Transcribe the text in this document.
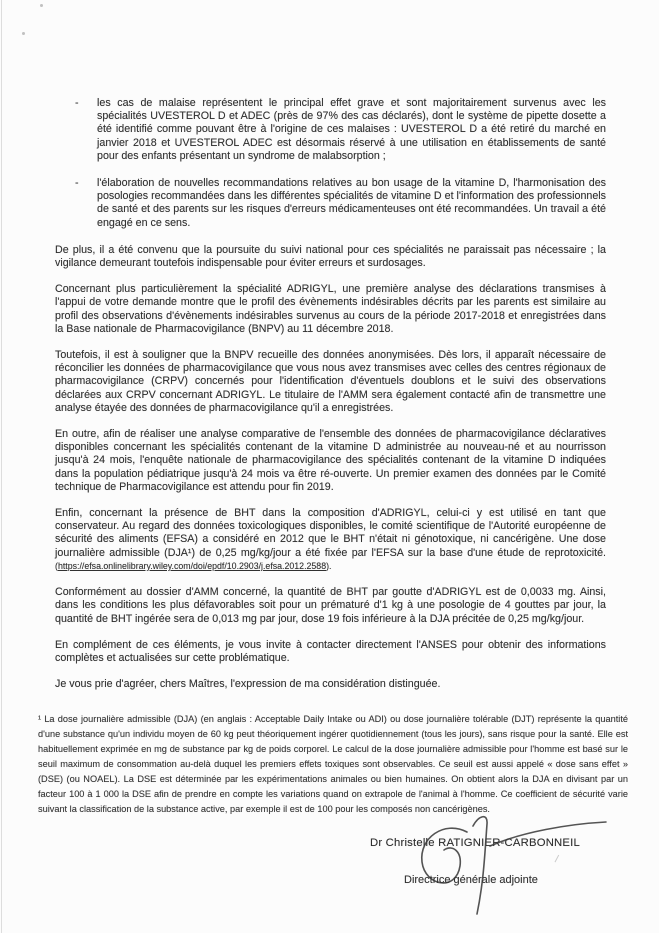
-	les cas de malaise représentent le principal effet grave et sont majoritairement survenus avec les spécialités UVESTEROL D et ADEC (près de 97% des cas déclarés), dont le système de pipette dosette a été identifié comme pouvant être à l'origine de ces malaises : UVESTEROL D a été retiré du marché en janvier 2018 et UVESTEROL ADEC est désormais réservé à une utilisation en établissements de santé pour des enfants présentant un syndrome de malabsorption ;
-	l'élaboration de nouvelles recommandations relatives au bon usage de la vitamine D, l'harmonisation des posologies recommandées dans les différentes spécialités de vitamine D et l'information des professionnels de santé et des parents sur les risques d'erreurs médicamenteuses ont été recommandées. Un travail a été engagé en ce sens.

De plus, il a été convenu que la poursuite du suivi national pour ces spécialités ne paraissait pas nécessaire ; la vigilance demeurant toutefois indispensable pour éviter erreurs et surdosages.

Concernant plus particulièrement la spécialité ADRIGYL, une première analyse des déclarations transmises à l'appui de votre demande montre que le profil des évènements indésirables décrits par les parents est similaire au profil des observations d'évènements indésirables survenus au cours de la période 2017-2018 et enregistrées dans la Base nationale de Pharmacovigilance (BNPV) au 11 décembre 2018.

Toutefois, il est à souligner que la BNPV recueille des données anonymisées. Dès lors, il apparaît nécessaire de réconcilier les données de pharmacovigilance que vous nous avez transmises avec celles des centres régionaux de pharmacovigilance (CRPV) concernés pour l'identification d'éventuels doublons et le suivi des observations déclarées aux CRPV concernant ADRIGYL. Le titulaire de l'AMM sera également contacté afin de transmettre une analyse étayée des données de pharmacovigilance qu'il a enregistrées.

En outre, afin de réaliser une analyse comparative de l'ensemble des données de pharmacovigilance déclaratives disponibles concernant les spécialités contenant de la vitamine D administrée au nouveau-né et au nourrisson jusqu'à 24 mois, l'enquête nationale de pharmacovigilance des spécialités contenant de la vitamine D indiquées dans la population pédiatrique jusqu'à 24 mois va être ré-ouverte. Un premier examen des données par le Comité technique de Pharmacovigilance est attendu pour fin 2019.

Enfin, concernant la présence de BHT dans la composition d'ADRIGYL, celui-ci y est utilisé en tant que conservateur. Au regard des données toxicologiques disponibles, le comité scientifique de l'Autorité européenne de sécurité des aliments (EFSA) a considéré en 2012 que le BHT n'était ni génotoxique, ni cancérigène. Une dose journalière admissible (DJA¹) de 0,25 mg/kg/jour a été fixée par l'EFSA sur la base d'une étude de reprotoxicité. (https://efsa.onlinelibrary.wiley.com/doi/epdf/10.2903/j.efsa.2012.2588).

Conformément au dossier d'AMM concerné, la quantité de BHT par goutte d'ADRIGYL est de 0,0033 mg. Ainsi, dans les conditions les plus défavorables soit pour un prématuré d'1 kg à une posologie de 4 gouttes par jour, la quantité de BHT ingérée sera de 0,013 mg par jour, dose 19 fois inférieure à la DJA précitée de 0,25 mg/kg/jour.

En complément de ces éléments, je vous invite à contacter directement l'ANSES pour obtenir des informations complètes et actualisées sur cette problématique.

Je vous prie d'agréer, chers Maîtres, l'expression de ma considération distinguée.

¹ La dose journalière admissible (DJA) (en anglais : Acceptable Daily Intake ou ADI) ou dose journalière tolérable (DJT) représente la quantité d'une substance qu'un individu moyen de 60 kg peut théoriquement ingérer quotidiennement (tous les jours), sans risque pour la santé. Elle est habituellement exprimée en mg de substance par kg de poids corporel. Le calcul de la dose journalière admissible pour l'homme est basé sur le seuil maximum de consommation au-delà duquel les premiers effets toxiques sont observables. Ce seuil est aussi appelé « dose sans effet » (DSE) (ou NOAEL). La DSE est déterminée par les expérimentations animales ou bien humaines. On obtient alors la DJA en divisant par un facteur 100 à 1 000 la DSE afin de prendre en compte les variations quand on extrapole de l'animal à l'homme. Ce coefficient de sécurité varie suivant la classification de la substance active, par exemple il est de 100 pour les composés non cancérigènes.
Dr Christelle RATIGNIER-CARBONNEIL
Directrice générale adjointe
